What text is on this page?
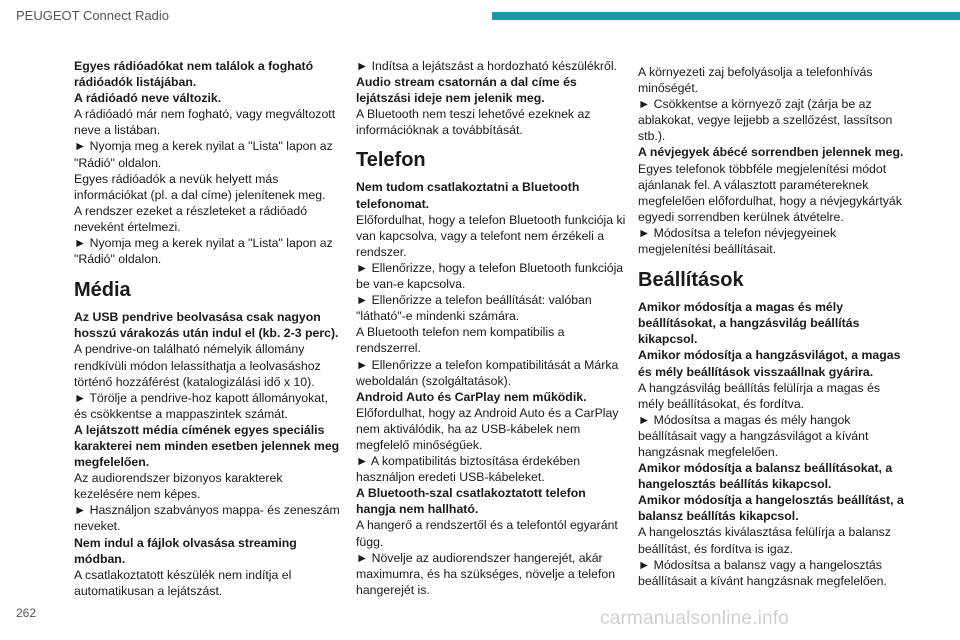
PEUGEOT Connect Radio

Egyes rádióadókat nem találok a fogható rádióadók listájában.

A rádióadó neve változik.

A rádióadó már nem fogható, vagy megváltozott neve a listában.

► Nyomja meg a kerek nyilat a "Lista" lapon az "Rádió" oldalon.

Egyes rádióadók a nevük helyett más információkat (pl. a dal címe) jelenítenek meg.

A rendszer ezeket a részleteket a rádióadó neveként értelmezi.

► Nyomja meg a kerek nyilat a "Lista" lapon az "Rádió" oldalon.

Média

Az USB pendrive beolvasása csak nagyon hosszú várakozás után indul el (kb. 2-3 perc).

A pendrive-on található némelyik állomány rendkívüli módon lelassíthatja a leolvasáshoz történő hozzáférést (katalogizálási idő x 10).

► Törölje a pendrive-hoz kapott állományokat, és csökkentse a mappaszintek számát.

A lejátszott média címének egyes speciális karakterei nem minden esetben jelennek meg megfelelően.

Az audiorendszer bizonyos karakterek kezelésére nem képes.

► Használjon szabványos mappa- és zeneszám neveket.

Nem indul a fájlok olvasása streaming módban.

A csatlakoztatott készülék nem indítja el automatikusan a lejátszást.

► Indítsa a lejátszást a hordozható készülékről.

Audio stream csatornán a dal címe és lejátszási ideje nem jelenik meg.

A Bluetooth nem teszi lehetővé ezeknek az információknak a továbbítását.

Telefon

Nem tudom csatlakoztatni a Bluetooth telefonomat.

Előfordulhat, hogy a telefon Bluetooth funkciója ki van kapcsolva, vagy a telefont nem érzékeli a rendszer.

► Ellenőrizze, hogy a telefon Bluetooth funkciója be van-e kapcsolva.

► Ellenőrizze a telefon beállítását: valóban "látható"-e mindenki számára.

A Bluetooth telefon nem kompatibilis a rendszerrel.

► Ellenőrizze a telefon kompatibilitását a Márka weboldalán (szolgáltatások).

Android Auto és CarPlay nem működik.

Előfordulhat, hogy az Android Auto és a CarPlay nem aktiválódik, ha az USB-kábelek nem megfelelő minőségűek.

► A kompatibilitás biztosítása érdekében használjon eredeti USB-kábeleket.

A Bluetooth-szal csatlakoztatott telefon hangja nem hallható.

A hangerő a rendszertől és a telefontól egyaránt függ.

► Növelje az audiorendszer hangerejét, akár maximumra, és ha szükséges, növelje a telefon hangerejét is.

A környezeti zaj befolyásolja a telefonhívás minőségét.

► Csökkentse a környező zajt (zárja be az ablakokat, vegye lejjebb a szellőzést, lassítson stb.).

A névjegyek ábécé sorrendben jelennek meg.

Egyes telefonok többféle megjelenítési módot ajánlanak fel. A választott paramétereknek megfelelően előfordulhat, hogy a névjegykártyák egyedi sorrendben kerülnek átvételre.

► Módosítsa a telefon névjegyeinek megjelenítési beállításait.

Beállítások

Amikor módosítja a magas és mély beállításokat, a hangzásvilág beállítás kikapcsol.

Amikor módosítja a hangzásvilágot, a magas és mély beállítások visszaállnak gyárira.

A hangzásvilág beállítás felülírja a magas és mély beállításokat, és fordítva.

► Módosítsa a magas és mély hangok beállításait vagy a hangzásvilágot a kívánt hangzásnak megfelelően.

Amikor módosítja a balansz beállításokat, a hangelosztás beállítás kikapcsol.

Amikor módosítja a hangelosztás beállítást, a balansz beállítás kikapcsol.

A hangelosztás kiválasztása felülírja a balansz beállítást, és fordítva is igaz.

► Módosítsa a balansz vagy a hangelosztás beállításait a kívánt hangzásnak megfelelően.

262	carmanualsonline.info
